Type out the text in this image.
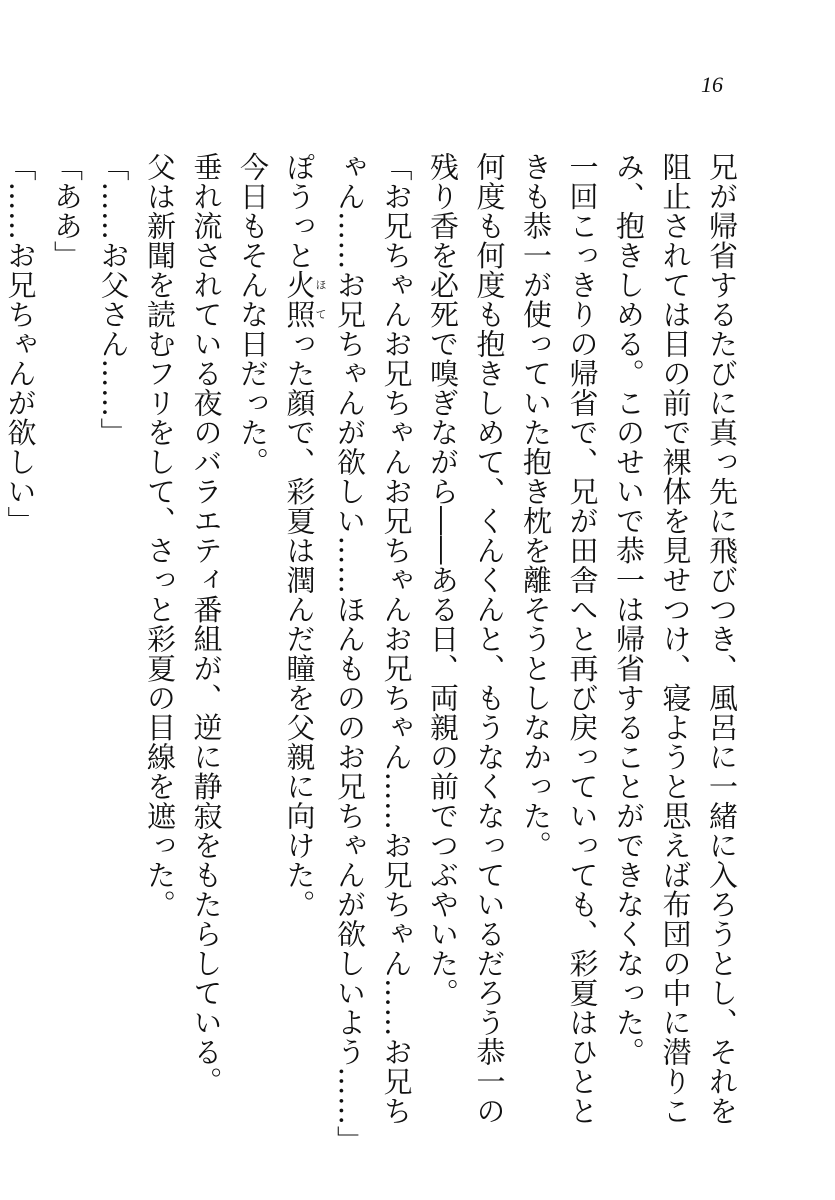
16

兄が帰省するたびに真っ先に飛びつき、風呂に一緒に入ろうとし、それを阻止されては目の前で裸体を見せつけ、寝ようと思えば布団の中に潜りこみ、抱きしめる。このせいで恭一は帰省することができなくなった。

一回こっきりの帰省で、兄が田舎へと再び戻っていっても、彩夏はひとときも恭一が使っていた抱き枕を離そうとしなかった。

何度も何度も抱きしめて、くんくんと、もうなくなっているだろう恭一の残り香を必死で嗅ぎながら――ある日、両親の前でつぶやいた。

「お兄ちゃんお兄ちゃんお兄ちゃんお兄ちゃん……お兄ちゃん……お兄ちゃん……お兄ちゃんが欲しい……ほんもののお兄ちゃんが欲しいよう……」

ぽうっと火照ほてった顔で、彩夏は潤んだ瞳を父親に向けた。

今日もそんな日だった。

垂れ流されている夜のバラエティ番組が、逆に静寂をもたらしている。

父は新聞を読むフリをして、さっと彩夏の目線を遮った。

「……お父さん……」

「ああ」

「……お兄ちゃんが欲しい」
